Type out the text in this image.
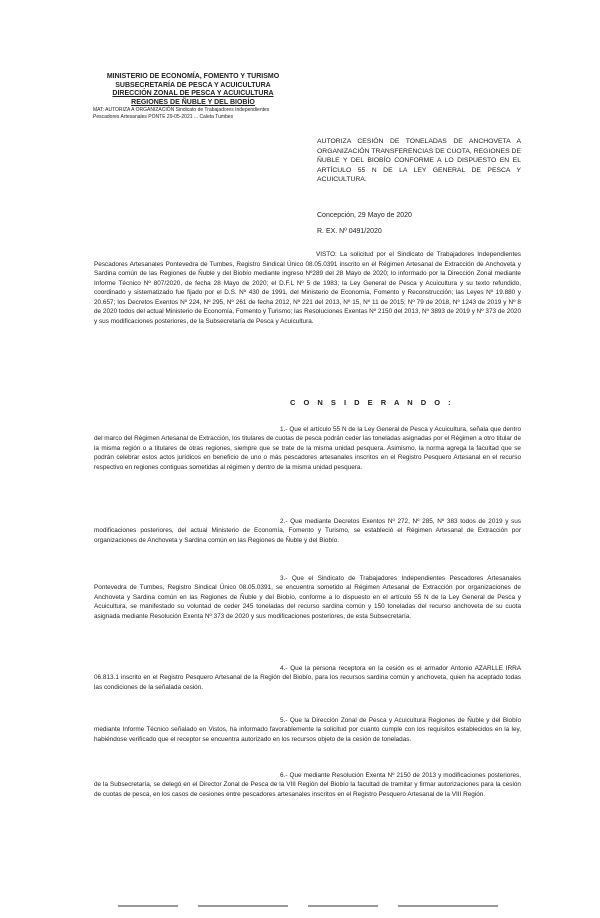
MINISTERIO DE ECONOMÍA, FOMENTO Y TURISMO
SUBSECRETARÍA DE PESCA Y ACUICULTURA
DIRECCIÓN ZONAL DE PESCA Y ACUICULTURA
REGIONES DE ÑUBLE Y DEL BIOBÍO
MAT: AUTORIZA A ORGANIZACIÓN Sindicato de Trabajadores Independientes
Pescadores Artesanales PONTE 29-05-2021 ... Caleta Tumbes
AUTORIZA CESIÓN DE TONELADAS DE ANCHOVETA A ORGANIZACIÓN TRANSFERENCIAS DE CUOTA, REGIONES DE ÑUBLE Y DEL BIOBÍO CONFORME A LO DISPUESTO EN EL ARTÍCULO 55 N DE LA LEY GENERAL DE PESCA Y ACUICULTURA.
Concepción, 29 Mayo de 2020
R. EX. Nº 0491/2020

VISTO: La solicitud por el Sindicato de Trabajadores Independientes Pescadores Artesanales Pontevedra de Tumbes, Registro Sindical Único 08.05.0391 inscrito en el Régimen Artesanal de Extracción de Anchoveta y Sardina común de las Regiones de Ñuble y del Biobío mediante ingreso Nº289 del 28 Mayo de 2020; lo informado por la Dirección Zonal mediante Informe Técnico Nº 807/2020, de fecha 28 Mayo de 2020; el D.F.L Nº 5 de 1983; la Ley General de Pesca y Acuicultura y su texto refundido, coordinado y sistematizado fue fijado por el D.S. Nº 430 de 1991, del Ministerio de Economía, Fomento y Reconstrucción; las Leyes Nº 19.880 y 20.657; los Decretos Exentos Nº 224, Nº 295, Nº 261 de fecha 2012, Nº 221 del 2013, Nº 15, Nº 11 de 2015; Nº 79 de 2018, Nº 1243 de 2019 y Nº 8 de 2020 todos del actual Ministerio de Economía, Fomento y Turismo; las Resoluciones Exentas Nº 2150 del 2013, Nº 3893 de 2019 y Nº 373 de 2020 y sus modificaciones posteriores, de la Subsecretaría de Pesca y Acuicultura.

C O N S I D E R A N D O :

1.- Que el artículo 55 N de la Ley General de Pesca y Acuicultura, señala que dentro del marco del Régimen Artesanal de Extracción, los titulares de cuotas de pesca podrán ceder las toneladas asignadas por el Régimen a otro titular de la misma región o a titulares de otras regiones, siempre que se trate de la misma unidad pesquera. Asimismo, la norma agrega la facultad que se podrán celebrar estos actos jurídicos en beneficio de uno o más pescadores artesanales inscritos en el Registro Pesquero Artesanal en el recurso respectivo en regiones contiguas sometidas al régimen y dentro de la misma unidad pesquera.

2.- Que mediante Decretos Exentos Nº 272, Nº 285, Nº 383 todos de 2019 y sus modificaciones posteriores, del actual Ministerio de Economía, Fomento y Turismo, se estableció el Régimen Artesanal de Extracción por organizaciones de Anchoveta y Sardina común en las Regiones de Ñuble y del Biobío.

3.- Que el Sindicato de Trabajadores Independientes Pescadores Artesanales Pontevedra de Tumbes, Registro Sindical Único 08.05.0391, se encuentra sometido al Régimen Artesanal de Extracción por organizaciones de Anchoveta y Sardina común en las Regiones de Ñuble y del Biobío, conforme a lo dispuesto en el artículo 55 N de la Ley General de Pesca y Acuicultura, se manifestado su voluntad de ceder 245 toneladas del recurso sardina común y 150 toneladas del recurso anchoveta de su cuota asignada mediante Resolución Exenta Nº 373 de 2020 y sus modificaciones posteriores, de esta Subsecretaría.

4.- Que la persona receptora en la cesión es el armador Antonio AZARLLE IRRA 06.813.1 inscrito en el Registro Pesquero Artesanal de la Región del Biobío, para los recursos sardina común y anchoveta, quien ha aceptado todas las condiciones de la señalada cesión.

5.- Que la Dirección Zonal de Pesca y Acuicultura Regiones de Ñuble y del Biobío mediante Informe Técnico señalado en Vistos, ha informado favorablemente la solicitud por cuanto cumple con los requisitos establecidos en la ley, habiéndose verificado que el receptor se encuentra autorizado en los recursos objeto de la cesión de toneladas.

6.- Que mediante Resolución Exenta Nº 2150 de 2013 y modificaciones posteriores, de la Subsecretaría, se delegó en el Director Zonal de Pesca de la VIII Región del Biobío la facultad de tramitar y firmar autorizaciones para la cesión de cuotas de pesca, en los casos de cesiones entre pescadores artesanales inscritos en el Registro Pesquero Artesanal de la VIII Región.
